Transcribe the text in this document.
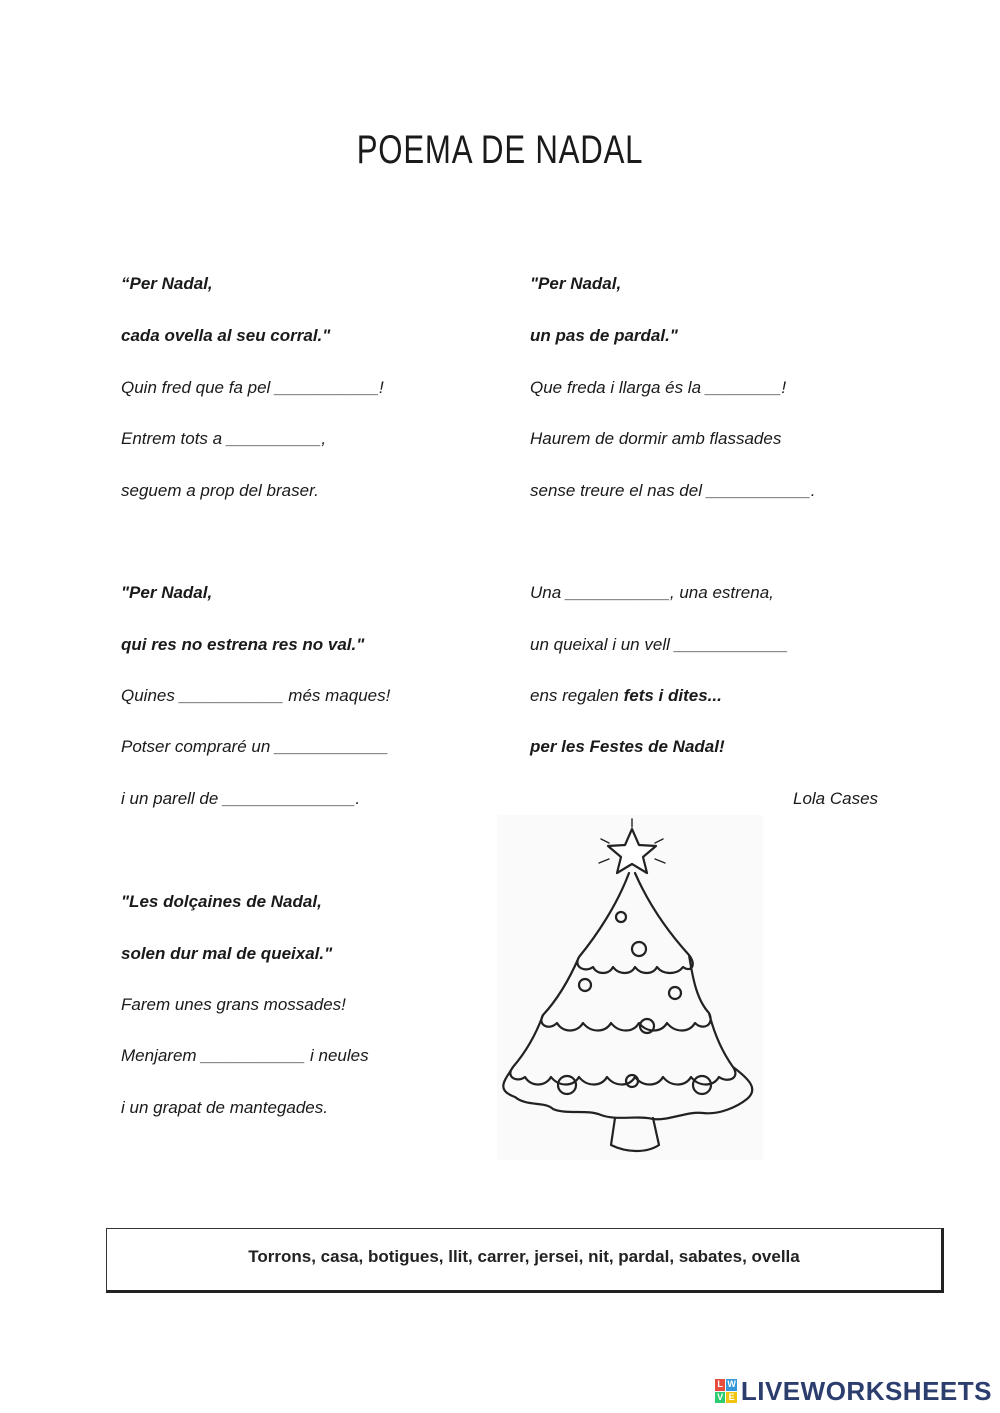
POEMA DE NADAL
“Per Nadal,
cada ovella al seu corral."
Quin fred que fa pel ___________!
Entrem tots a __________,
seguem a prop del braser.
"Per Nadal,
un pas de pardal."
Que freda i llarga és la ________!
Haurem de dormir amb flassades
sense treure el nas del ___________.
"Per Nadal,
qui res no estrena res no val."
Quines ___________ més maques!
Potser compraré un ____________
i un parell de ______________.
Una ___________, una estrena,
un queixal i un vell ____________
ens regalen fets i dites...
per les Festes de Nadal!
Lola Cases
"Les dolçaines de Nadal,
solen dur mal de queixal."
Farem unes grans mossades!
Menjarem ___________ i neules
i un grapat de mantegades.
Torrons, casa, botigues, llit, carrer, jersei, nit, pardal, sabates, ovella
L W
V E LIVEWORKSHEETS
